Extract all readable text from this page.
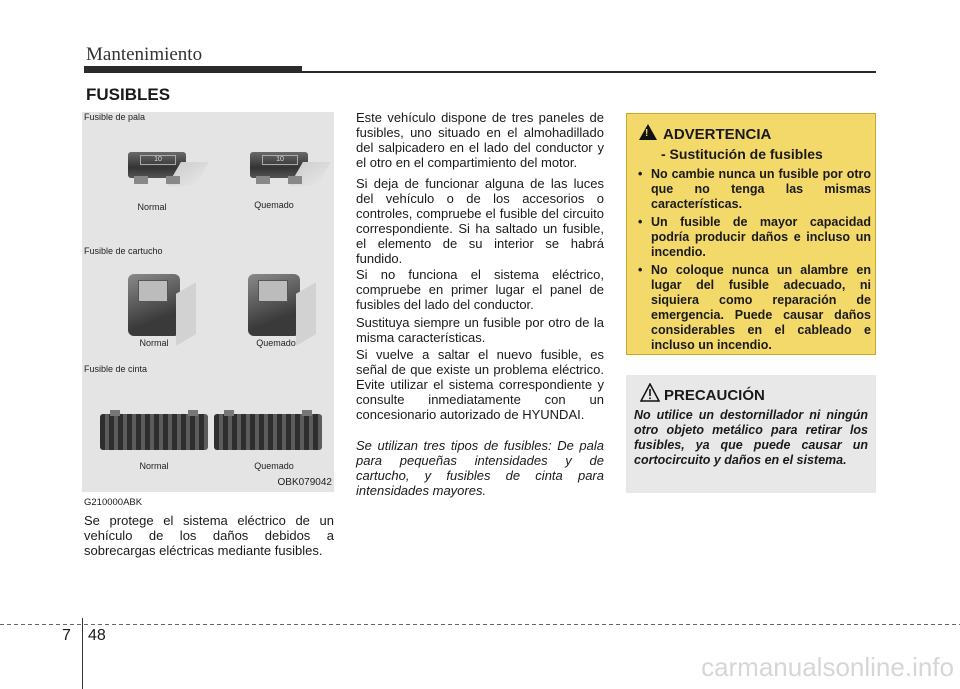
Mantenimiento
FUSIBLES
Fusible de pala
10
Normal
10
Quemado
Fusible de cartucho
Normal	Quemado
Fusible de cinta
Normal	Quemado
OBK079042
G210000ABK

Se protege el sistema eléctrico de un vehículo de los daños debidos a sobrecargas eléctricas mediante fusibles.

Este vehículo dispone de tres paneles de fusibles, uno situado en el almohadillado del salpicadero en el lado del conductor y el otro en el compartimiento del motor.

Si deja de funcionar alguna de las luces del vehículo o de los accesorios o controles, compruebe el fusible del circuito correspondiente. Si ha saltado un fusible, el elemento de su interior se habrá fundido.

Si no funciona el sistema eléctrico, compruebe en primer lugar el panel de fusibles del lado del conductor.

Sustituya siempre un fusible por otro de la misma características.

Si vuelve a saltar el nuevo fusible, es señal de que existe un problema eléctrico. Evite utilizar el sistema correspondiente y consulte inmediatamente con un concesionario autorizado de HYUNDAI.

Se utilizan tres tipos de fusibles: De pala para pequeñas intensidades y de cartucho, y fusibles de cinta para intensidades mayores.

! ADVERTENCIA
- Sustitución de fusibles
• No cambie nunca un fusible por otro que no tenga las mismas características.
• Un fusible de mayor capacidad podría producir daños e incluso un incendio.
• No coloque nunca un alambre en lugar del fusible adecuado, ni siquiera como reparación de emergencia. Puede causar daños considerables en el cableado e incluso un incendio.
PRECAUCIÓN

No utilice un destornillador ni ningún otro objeto metálico para retirar los fusibles, ya que puede causar un cortocircuito y daños en el sistema.

7 48
carmanualsonline.info
